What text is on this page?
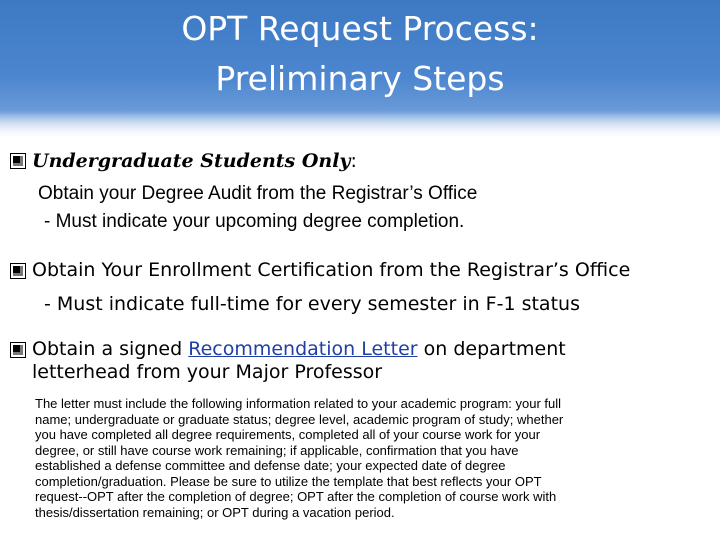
OPT Request Process:
Preliminary Steps
Undergraduate Students Only:
Obtain your Degree Audit from the Registrar’s Office
- Must indicate your upcoming degree completion.
Obtain Your Enrollment Certification from the Registrar’s Office
- Must indicate full-time for every semester in F-1 status
Obtain a signed Recommendation Letter on department
letterhead from your Major Professor
The letter must include the following information related to your academic program: your full
name; undergraduate or graduate status; degree level, academic program of study; whether
you have completed all degree requirements, completed all of your course work for your
degree, or still have course work remaining; if applicable, confirmation that you have
established a defense committee and defense date; your expected date of degree
completion/graduation. Please be sure to utilize the template that best reflects your OPT
request--OPT after the completion of degree; OPT after the completion of course work with
thesis/dissertation remaining; or OPT during a vacation period.
